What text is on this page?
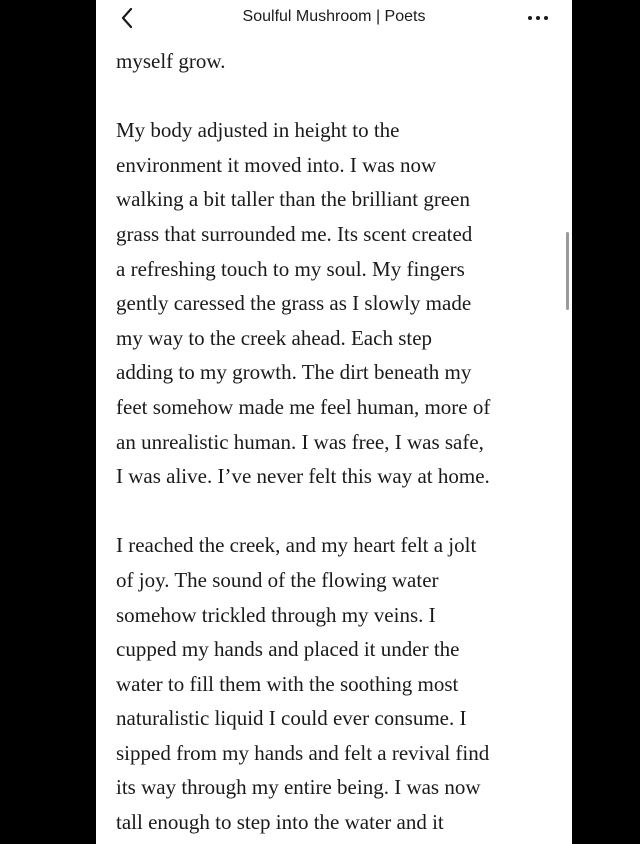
Soulful Mushroom | Poets

myself grow.

My body adjusted in height to the
environment it moved into. I was now
walking a bit taller than the brilliant green
grass that surrounded me. Its scent created
a refreshing touch to my soul. My fingers
gently caressed the grass as I slowly made
my way to the creek ahead. Each step
adding to my growth. The dirt beneath my
feet somehow made me feel human, more of
an unrealistic human. I was free, I was safe,
I was alive. I’ve never felt this way at home.

I reached the creek, and my heart felt a jolt
of joy. The sound of the flowing water
somehow trickled through my veins. I
cupped my hands and placed it under the
water to fill them with the soothing most
naturalistic liquid I could ever consume. I
sipped from my hands and felt a revival find
its way through my entire being. I was now
tall enough to step into the water and it
